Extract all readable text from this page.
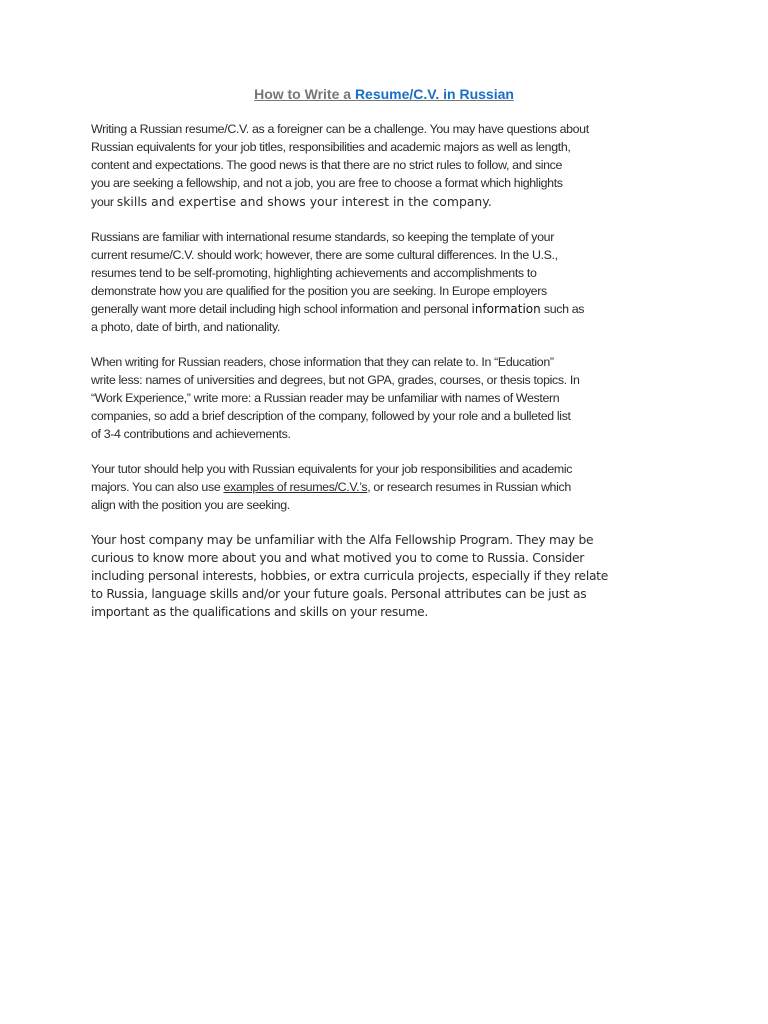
How to Write a Resume/C.V. in Russian

Writing a Russian resume/C.V. as a foreigner can be a challenge. You may have questions about
Russian equivalents for your job titles, responsibilities and academic majors as well as length,
content and expectations. The good news is that there are no strict rules to follow, and since
you are seeking a fellowship, and not a job, you are free to choose a format which highlights
your skills and expertise and shows your interest in the company.

Russians are familiar with international resume standards, so keeping the template of your
current resume/C.V. should work; however, there are some cultural differences. In the U.S.,
resumes tend to be self-promoting, highlighting achievements and accomplishments to
demonstrate how you are qualified for the position you are seeking. In Europe employers
generally want more detail including high school information and personal information such as
a photo, date of birth, and nationality.

When writing for Russian readers, chose information that they can relate to. In “Education”
write less: names of universities and degrees, but not GPA, grades, courses, or thesis topics. In
“Work Experience,” write more: a Russian reader may be unfamiliar with names of Western
companies, so add a brief description of the company, followed by your role and a bulleted list
of 3-4 contributions and achievements.

Your tutor should help you with Russian equivalents for your job responsibilities and academic
majors. You can also use examples of resumes/C.V.’s, or research resumes in Russian which
align with the position you are seeking.

Your host company may be unfamiliar with the Alfa Fellowship Program. They may be
curious to know more about you and what motived you to come to Russia. Consider
including personal interests, hobbies, or extra curricula projects, especially if they relate
to Russia, language skills and/or your future goals. Personal attributes can be just as
important as the qualifications and skills on your resume.
